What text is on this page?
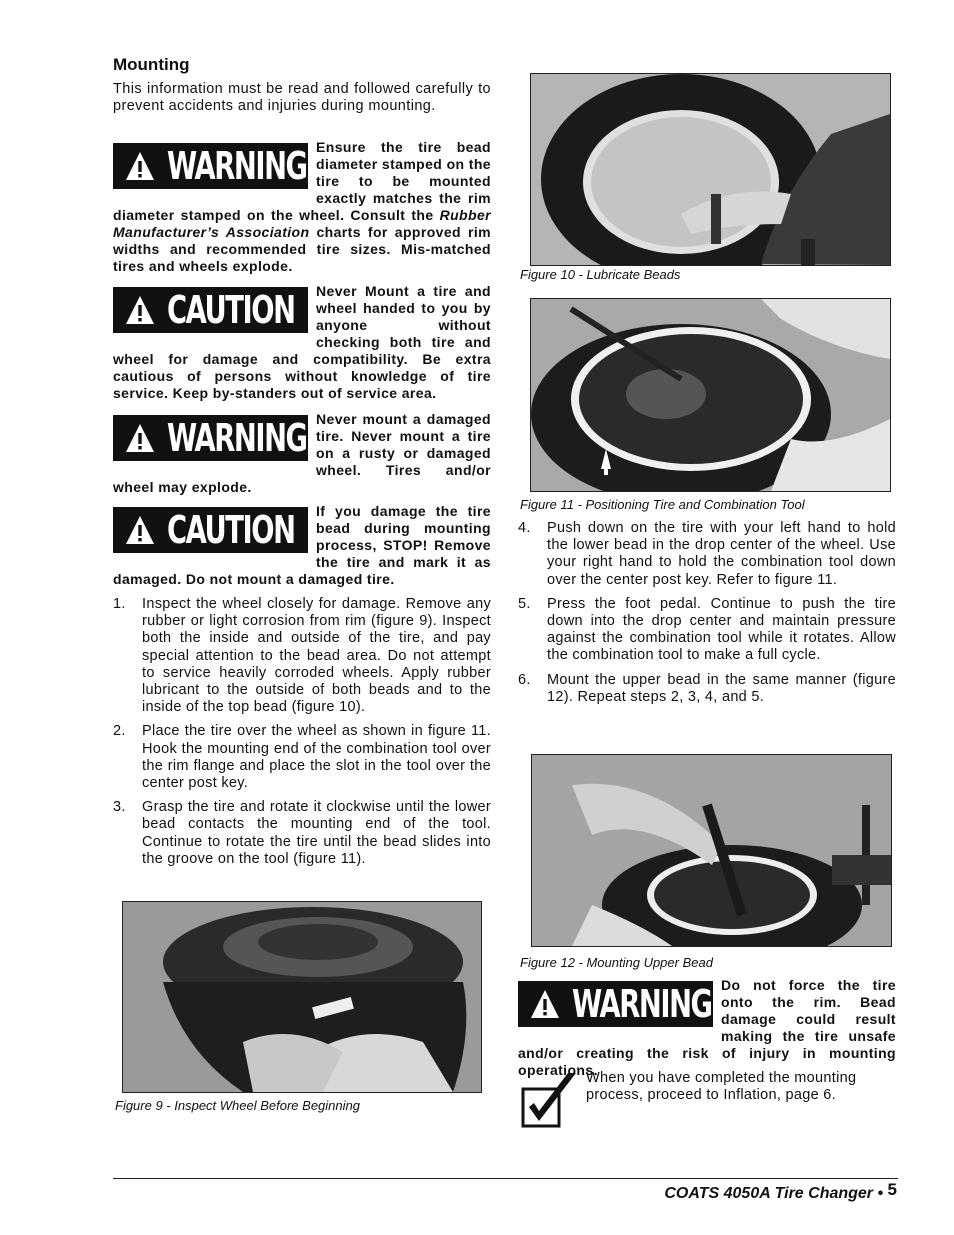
Mounting
This information must be read and followed carefully to prevent accidents and injuries during mounting.
WARNING Ensure the tire bead diameter stamped on the tire to be mounted exactly matches the rim diameter stamped on the wheel. Consult the Rubber Manufacturer’s Association charts for approved rim widths and recommended tire sizes. Mis-matched tires and wheels explode.
CAUTION	Never Mount a tire and wheel handed to you by anyone without checking both tire and wheel for damage and compatibility. Be extra cautious of persons without knowledge of tire service. Keep by-standers out of service area.
WARNING Never mount a damaged tire. Never mount a tire on a rusty or damaged wheel. Tires and/or wheel may explode.
CAUTION	If you damage the tire bead during mounting process, STOP! Remove the tire and mark it as damaged. Do not mount a damaged tire.
1. Inspect the wheel closely for damage. Remove any rubber or light corrosion from rim (figure 9). Inspect both the inside and outside of the tire, and pay special attention to the bead area. Do not attempt to service heavily corroded wheels. Apply rubber lubricant to the outside of both beads and to the inside of the top bead (figure 10).
2. Place the tire over the wheel as shown in figure 11. Hook the mounting end of the combination tool over the rim flange and place the slot in the tool over the center post key.
3. Grasp the tire and rotate it clockwise until the lower bead contacts the mounting end of the tool. Continue to rotate the tire until the bead slides into the groove on the tool (figure 11).
Figure 9 - Inspect Wheel Before Beginning
Figure 10 - Lubricate Beads
Figure 11 - Positioning Tire and Combination Tool
4. Push down on the tire with your left hand to hold the lower bead in the drop center of the wheel. Use your right hand to hold the combination tool down over the center post key. Refer to figure 11.
5. Press the foot pedal. Continue to push the tire down into the drop center and maintain pressure against the combination tool while it rotates. Allow the combination tool to make a full cycle.
6. Mount the upper bead in the same manner (figure 12). Repeat steps 2, 3, 4, and 5.
Figure 12 - Mounting Upper Bead
WARNING Do not force the tire onto the rim. Bead damage could result making the tire unsafe and/or creating the risk of injury in mounting operations.
When you have completed the mounting process, proceed to Inflation, page 6.
COATS 4050A Tire Changer • 5
